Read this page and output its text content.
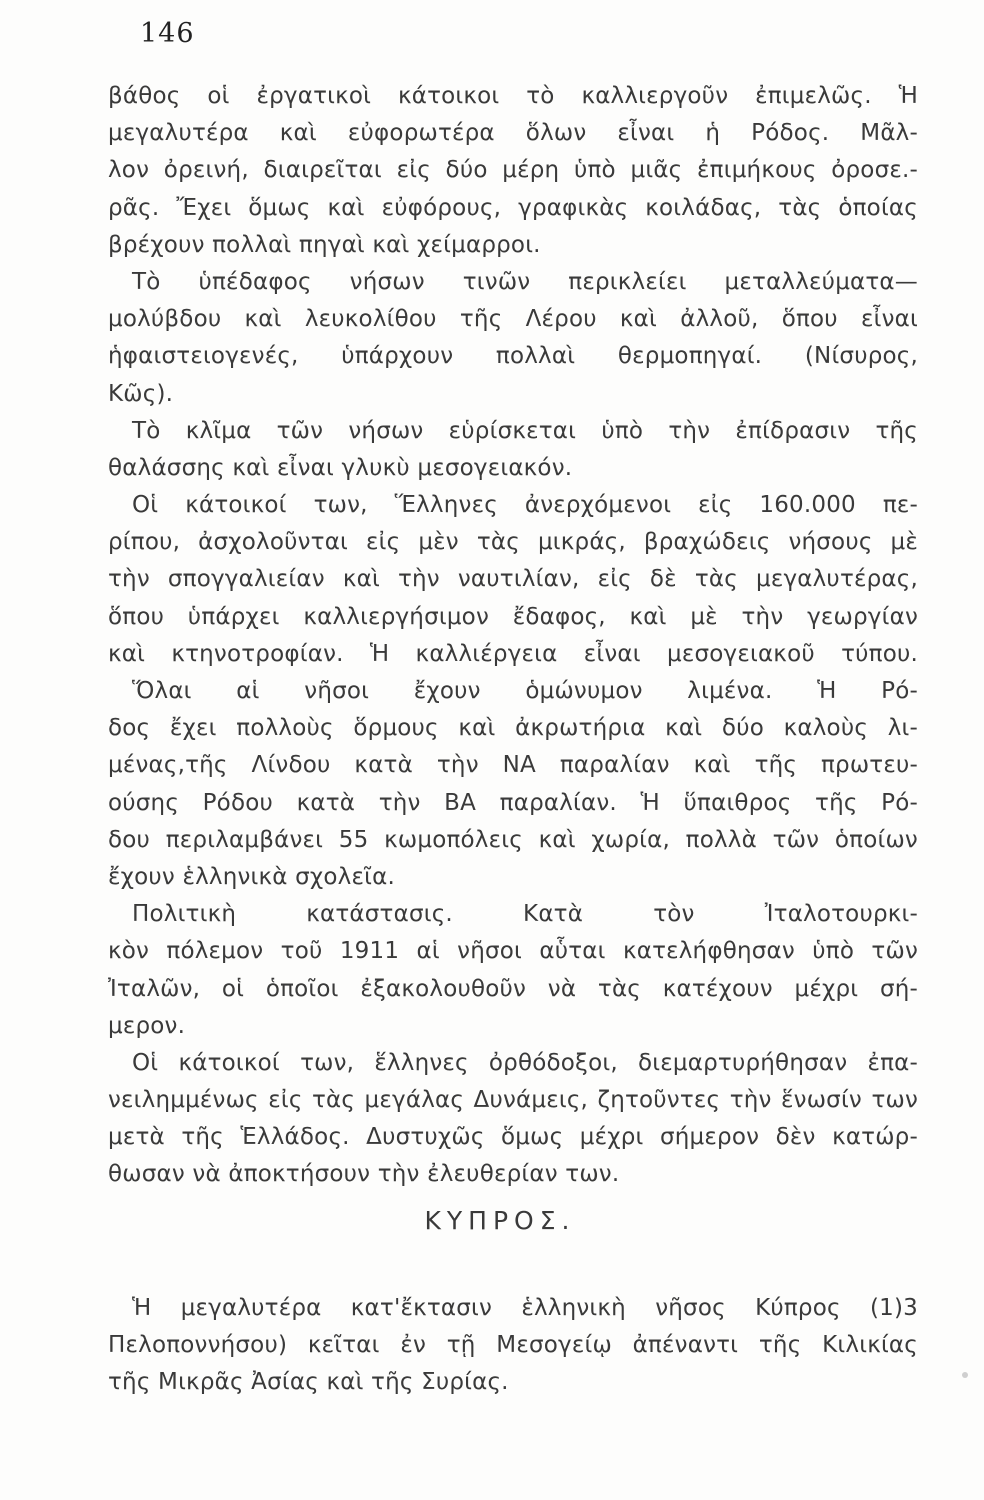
146
βάθος οἱ ἐργατικοὶ κάτοικοι τὸ καλλιεργοῦν ἐπιμελῶς. Ἡ
μεγαλυτέρα καὶ εὐφορωτέρα ὅλων εἶναι ἡ Ρόδος. Μᾶλ-
λον ὀρεινή, διαιρεῖται εἰς δύο μέρη ὑπὸ μιᾶς ἐπιμήκους ὀροσε.-
ρᾶς. Ἔχει ὅμως καὶ εὐφόρους, γραφικὰς κοιλάδας, τὰς ὁποίας
βρέχουν πολλαὶ πηγαὶ καὶ χείμαρροι.
Τὸ ὑπέδαφος νήσων τινῶν περικλείει μεταλλεύματα—
μολύβδου καὶ λευκολίθου τῆς Λέρου καὶ ἀλλοῦ, ὅπου εἶναι
ἡφαιστειογενές, ὑπάρχουν πολλαὶ θερμοπηγαί. (Νίσυρος,
Κῶς).
Τὸ κλῖμα τῶν νήσων εὑρίσκεται ὑπὸ τὴν ἐπίδρασιν τῆς
θαλάσσης καὶ εἶναι γλυκὺ μεσογειακόν.
Οἱ κάτοικοί των, Ἕλληνες ἀνερχόμενοι εἰς 160.000 πε-
ρίπου, ἀσχολοῦνται εἰς μὲν τὰς μικράς, βραχώδεις νήσους μὲ
τὴν σπογγαλιείαν καὶ τὴν ναυτιλίαν, εἰς δὲ τὰς μεγαλυτέρας,
ὅπου ὑπάρχει καλλιεργήσιμον ἔδαφος, καὶ μὲ τὴν γεωργίαν
καὶ κτηνοτροφίαν. Ἡ καλλιέργεια εἶναι μεσογειακοῦ τύπου.
Ὅλαι αἱ νῆσοι ἔχουν ὁμώνυμον λιμένα. Ἡ Ρό-
δος ἔχει πολλοὺς ὅρμους καὶ ἀκρωτήρια καὶ δύο καλοὺς λι-
μένας,τῆς Λίνδου κατὰ τὴν ΝΑ παραλίαν καὶ τῆς πρωτευ-
ούσης Ρόδου κατὰ τὴν ΒΑ παραλίαν. Ἡ ὕπαιθρος τῆς Ρό-
δου περιλαμβάνει 55 κωμοπόλεις καὶ χωρία, πολλὰ τῶν ὁποίων
ἔχουν ἑλληνικὰ σχολεῖα.
Πολιτικὴ κατάστασις. Κατὰ τὸν Ἰταλοτουρκι-
κὸν πόλεμον τοῦ 1911 αἱ νῆσοι αὗται κατελήφθησαν ὑπὸ τῶν
Ἰταλῶν, οἱ ὁποῖοι ἐξακολουθοῦν νὰ τὰς κατέχουν μέχρι σή-
μερον.
Οἱ κάτοικοί των, ἕλληνες ὀρθόδοξοι, διεμαρτυρήθησαν ἐπα-
νειλημμένως εἰς τὰς μεγάλας Δυνάμεις, ζητοῦντες τὴν ἕνωσίν των
μετὰ τῆς Ἑλλάδος. Δυστυχῶς ὅμως μέχρι σήμερον δὲν κατώρ-
θωσαν νὰ ἀποκτήσουν τὴν ἐλευθερίαν των.
ΚΥΠΡΟΣ.
Ἡ μεγαλυτέρα κατ'ἔκτασιν ἑλληνικὴ νῆσος Κύπρος (1)3
Πελοποννήσου) κεῖται ἐν τῇ Μεσογείῳ ἀπέναντι τῆς Κιλικίας
τῆς Μικρᾶς Ἀσίας καὶ τῆς Συρίας.
